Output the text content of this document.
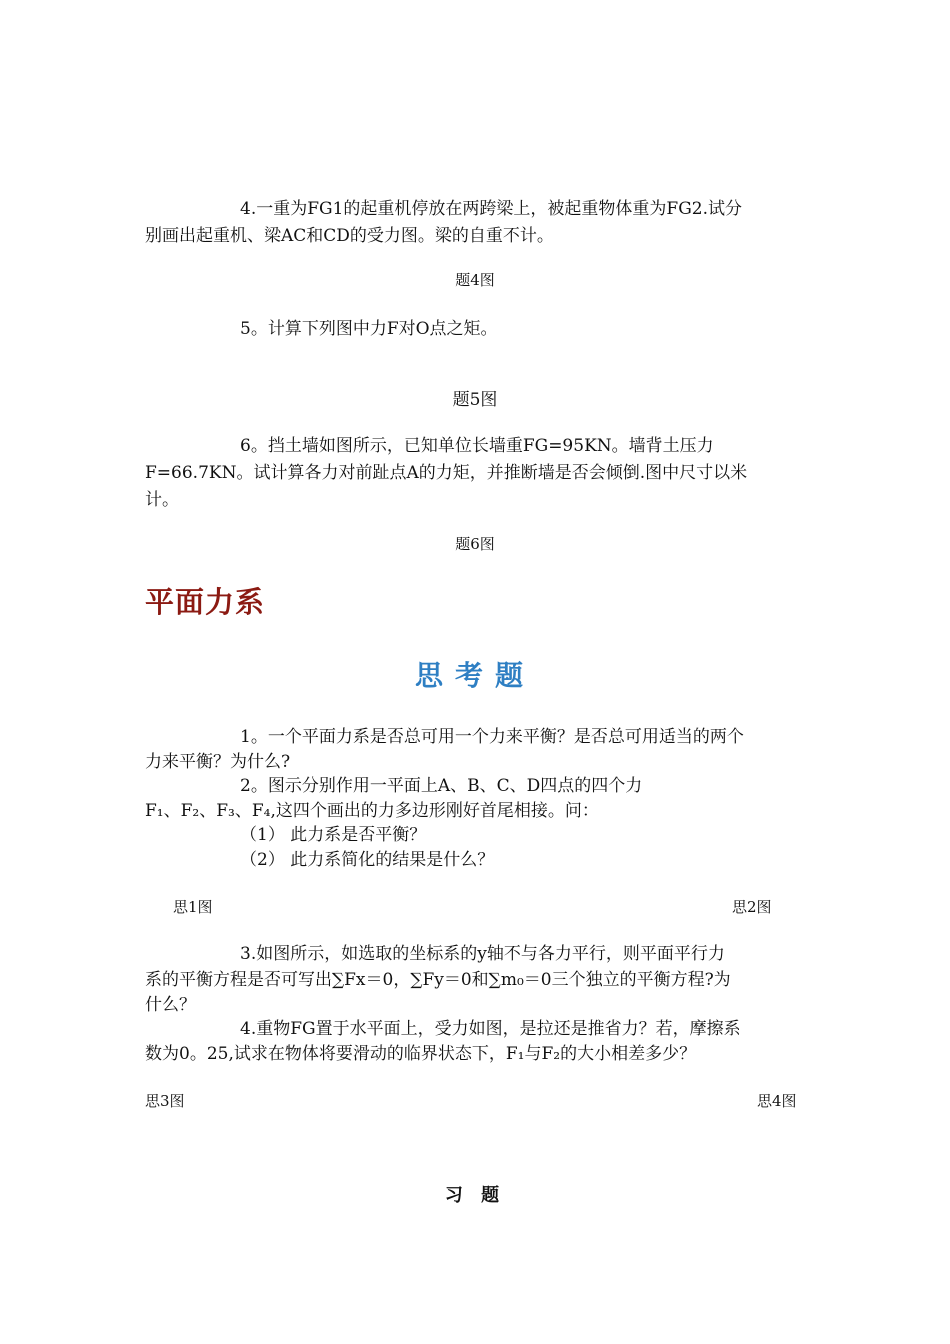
4.一重为FG1的起重机停放在两跨梁上，被起重物体重为FG2.试分
别画出起重机、梁AC和CD的受力图。梁的自重不计。
题4图
5。计算下列图中力F对O点之矩。
题5图
6。挡土墙如图所示，已知单位长墙重FG=95KN。墙背土压力
F=66.7KN。试计算各力对前趾点A的力矩，并推断墙是否会倾倒.图中尺寸以米
计。
题6图
平面力系
思考题
1。一个平面力系是否总可用一个力来平衡？是否总可用适当的两个
力来平衡？为什么?
2。图示分别作用一平面上A、B、C、D四点的四个力
F₁、F₂、F₃、F₄,这四个画出的力多边形刚好首尾相接。问：
（1） 此力系是否平衡？
（2） 此力系简化的结果是什么？
思1图	思2图
3.如图所示，如选取的坐标系的y轴不与各力平行，则平面平行力
系的平衡方程是否可写出∑Fx＝0，∑Fy＝0和∑m₀＝0三个独立的平衡方程?为
什么？
4.重物FG置于水平面上，受力如图，是拉还是推省力？若，摩擦系
数为0。25,试求在物体将要滑动的临界状态下，F₁与F₂的大小相差多少？
思3图	思4图
习 题
